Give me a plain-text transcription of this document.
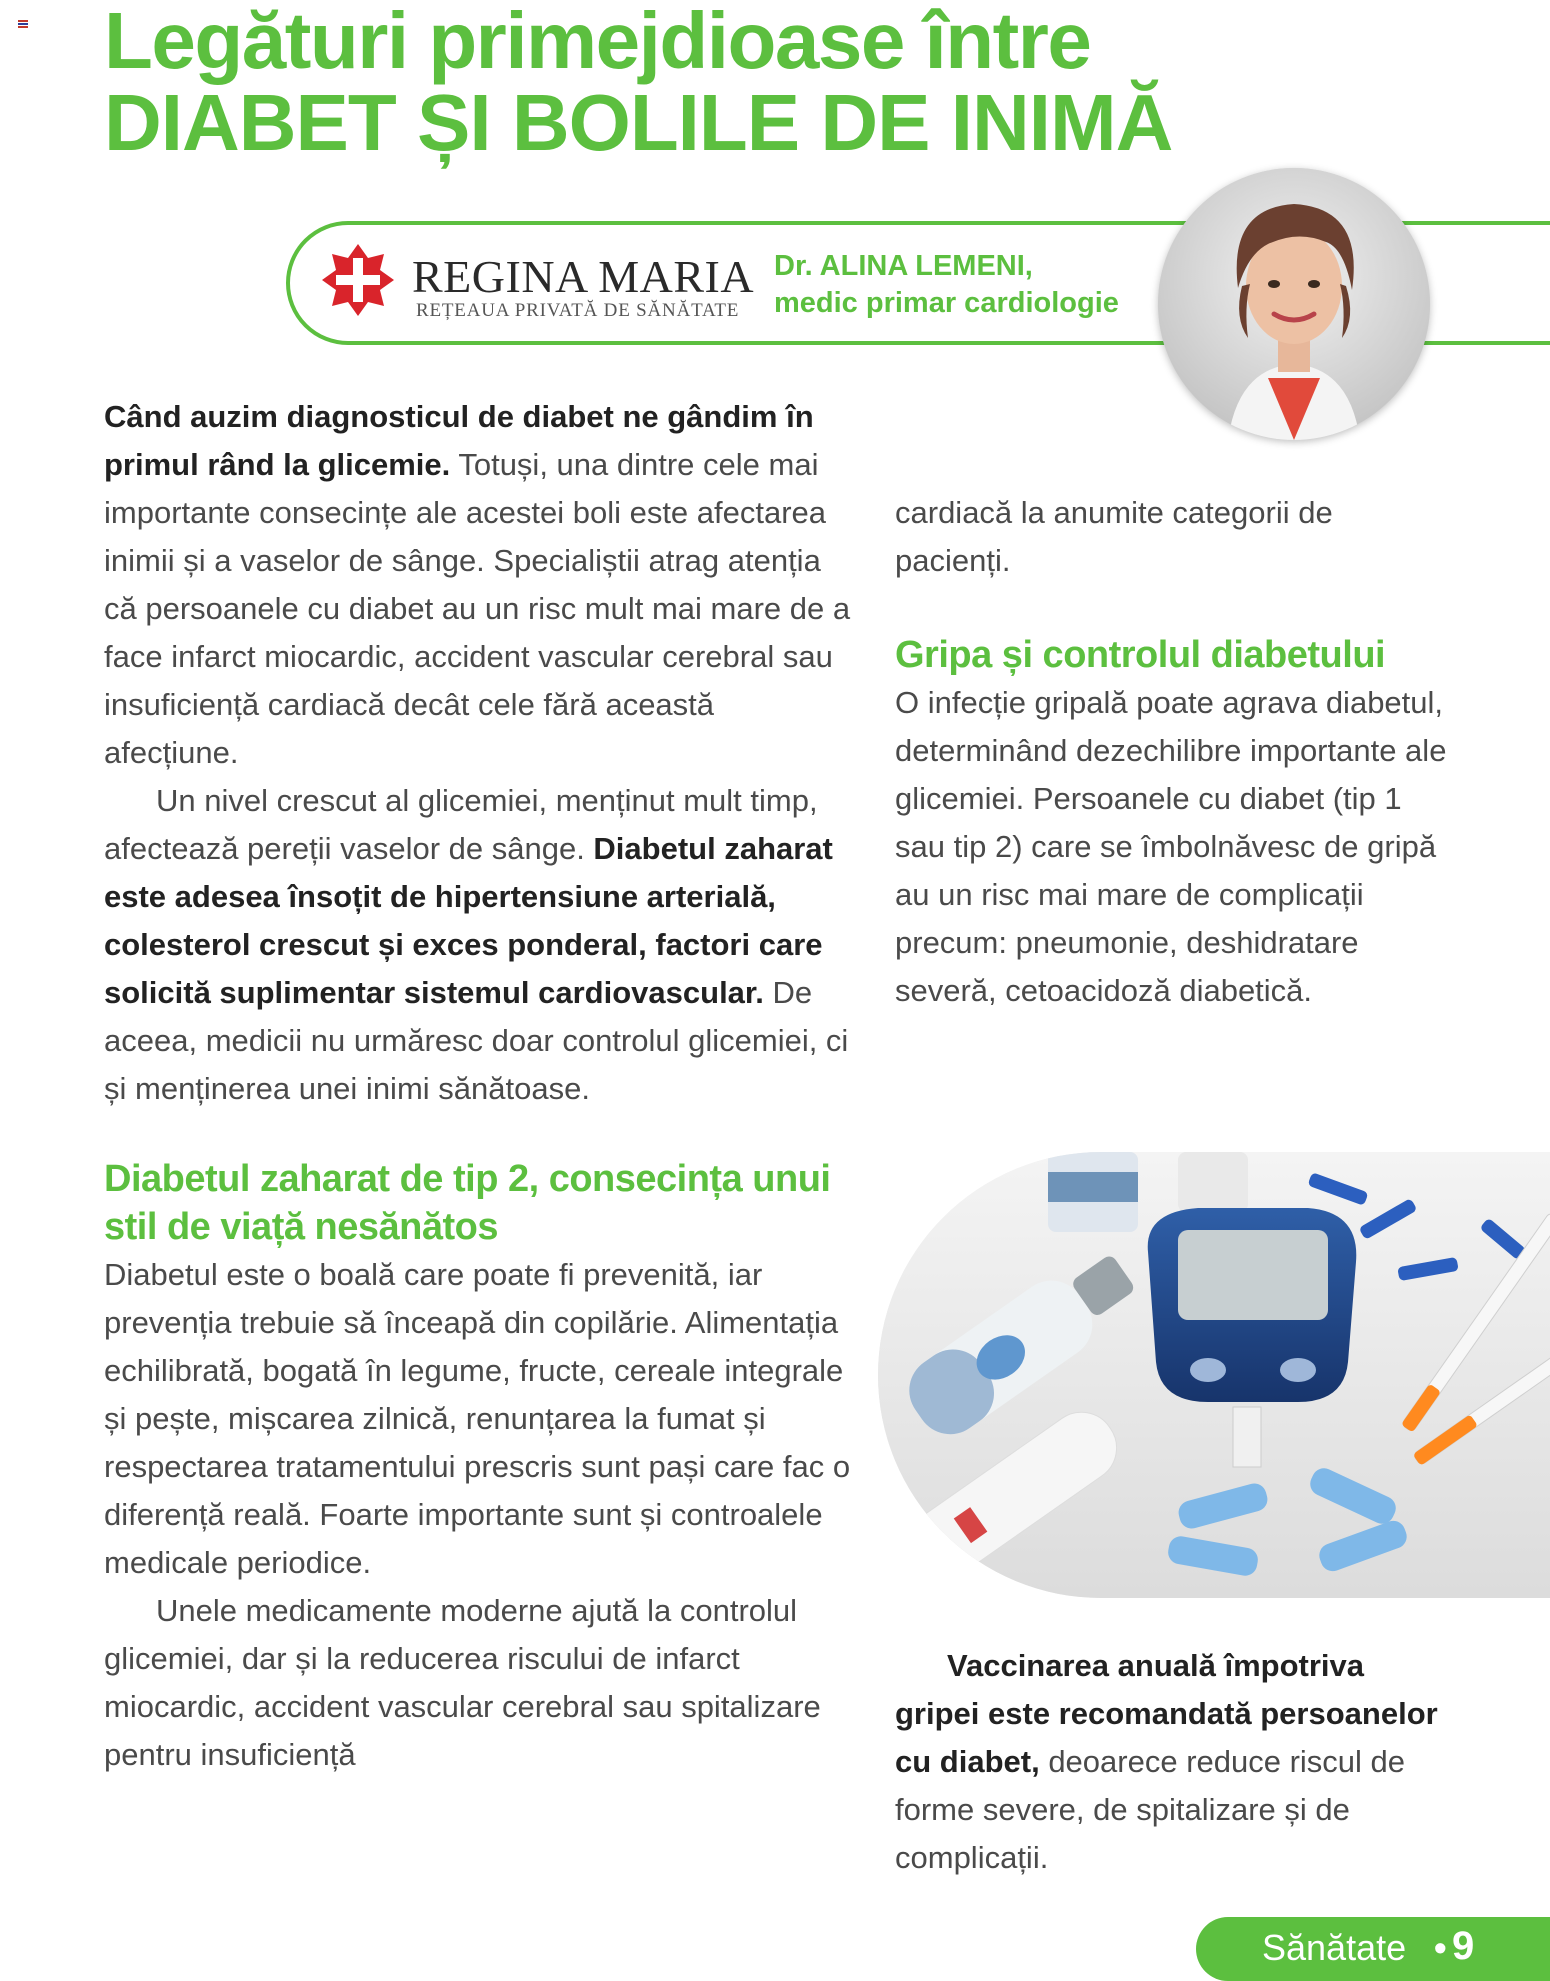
Legături primejdioase între
DIABET ȘI BOLILE DE INIMĂ
REGINA MARIA
REȚEAUA PRIVATĂ DE SĂNĂTATE
Dr. ALINA LEMENI,
medic primar cardiologie

Când auzim diagnosticul de diabet ne gândim în primul rând la glicemie. Totuși, una dintre cele mai importante consecințe ale acestei boli este afectarea inimii și a vaselor de sânge. Specialiștii atrag atenția că persoanele cu diabet au un risc mult mai mare de a face infarct miocardic, accident vascular cerebral sau insuficiență cardiacă decât cele fără această afecțiune.

Un nivel crescut al glicemiei, menținut mult timp, afectează pereții vaselor de sânge. Diabetul zaharat este adesea însoțit de hipertensiune arterială, colesterol crescut și exces ponderal, factori care solicită suplimentar sistemul cardiovascular. De aceea, medicii nu urmăresc doar controlul glicemiei, ci și menținerea unei inimi sănătoase.

Diabetul zaharat de tip 2, consecința unui stil de viață nesănătos

Diabetul este o boală care poate fi prevenită, iar prevenția trebuie să înceapă din copilărie. Alimentația echilibrată, bogată în legume, fructe, cereale integrale și pește, mișcarea zilnică, renunțarea la fumat și respectarea tratamentului prescris sunt pași care fac o diferență reală. Foarte importante sunt și controalele medicale periodice.

Unele medicamente moderne ajută la controlul glicemiei, dar și la reducerea riscului de infarct miocardic, accident vascular cerebral sau spitalizare pentru insuficiență

cardiacă la anumite categorii de pacienți.

Gripa și controlul diabetului

O infecție gripală poate agrava diabetul, determinând dezechilibre importante ale glicemiei. Persoanele cu diabet (tip 1 sau tip 2) care se îmbolnăvesc de gripă au un risc mai mare de complicații precum: pneumonie, deshidratare severă, cetoacidoză diabetică.

Vaccinarea anuală împotriva gripei este recomandată persoanelor cu diabet, deoarece reduce riscul de forme severe, de spitalizare și de complicații.

Sănătate • 9
